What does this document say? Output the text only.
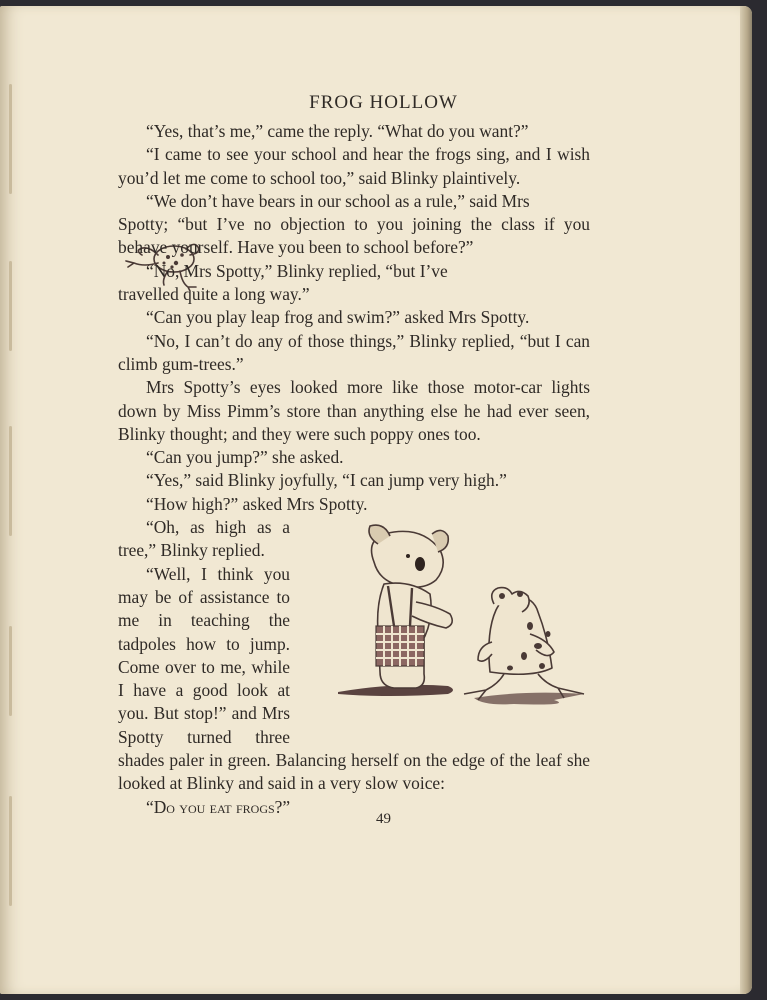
FROG HOLLOW

“Yes, that’s me,” came the reply. “What do you want?”

“I came to see your school and hear the frogs sing, and I wish you’d let me come to school too,” said Blinky plaintively.

“We don’t have bears in our school as a rule,” said Mrs

Spotty; “but I’ve no objection to you joining the class if you behave yourself. Have you been to school before?”

“No, Mrs Spotty,” Blinky replied, “but I’ve

travelled quite a long way.”

“Can you play leap frog and swim?” asked Mrs Spotty.

“No, I can’t do any of those things,” Blinky replied, “but I can climb gum-trees.”

Mrs Spotty’s eyes looked more like those motor-car lights down by Miss Pimm’s store than anything else he had ever seen, Blinky thought; and they were such poppy ones too.

“Can you jump?” she asked.

“Yes,” said Blinky joyfully, “I can jump very high.”

“How high?” asked Mrs Spotty.

“Oh, as high as a tree,” Blinky replied.

“Well, I think you may be of assistance to me in teaching the tadpoles how to jump. Come over to me, while I have a good look at you. But stop!” and Mrs Spotty turned three shades paler in green. Balancing herself on the edge of the leaf she looked at Blinky and said in a very slow voice:

“Do you eat frogs?”

49
